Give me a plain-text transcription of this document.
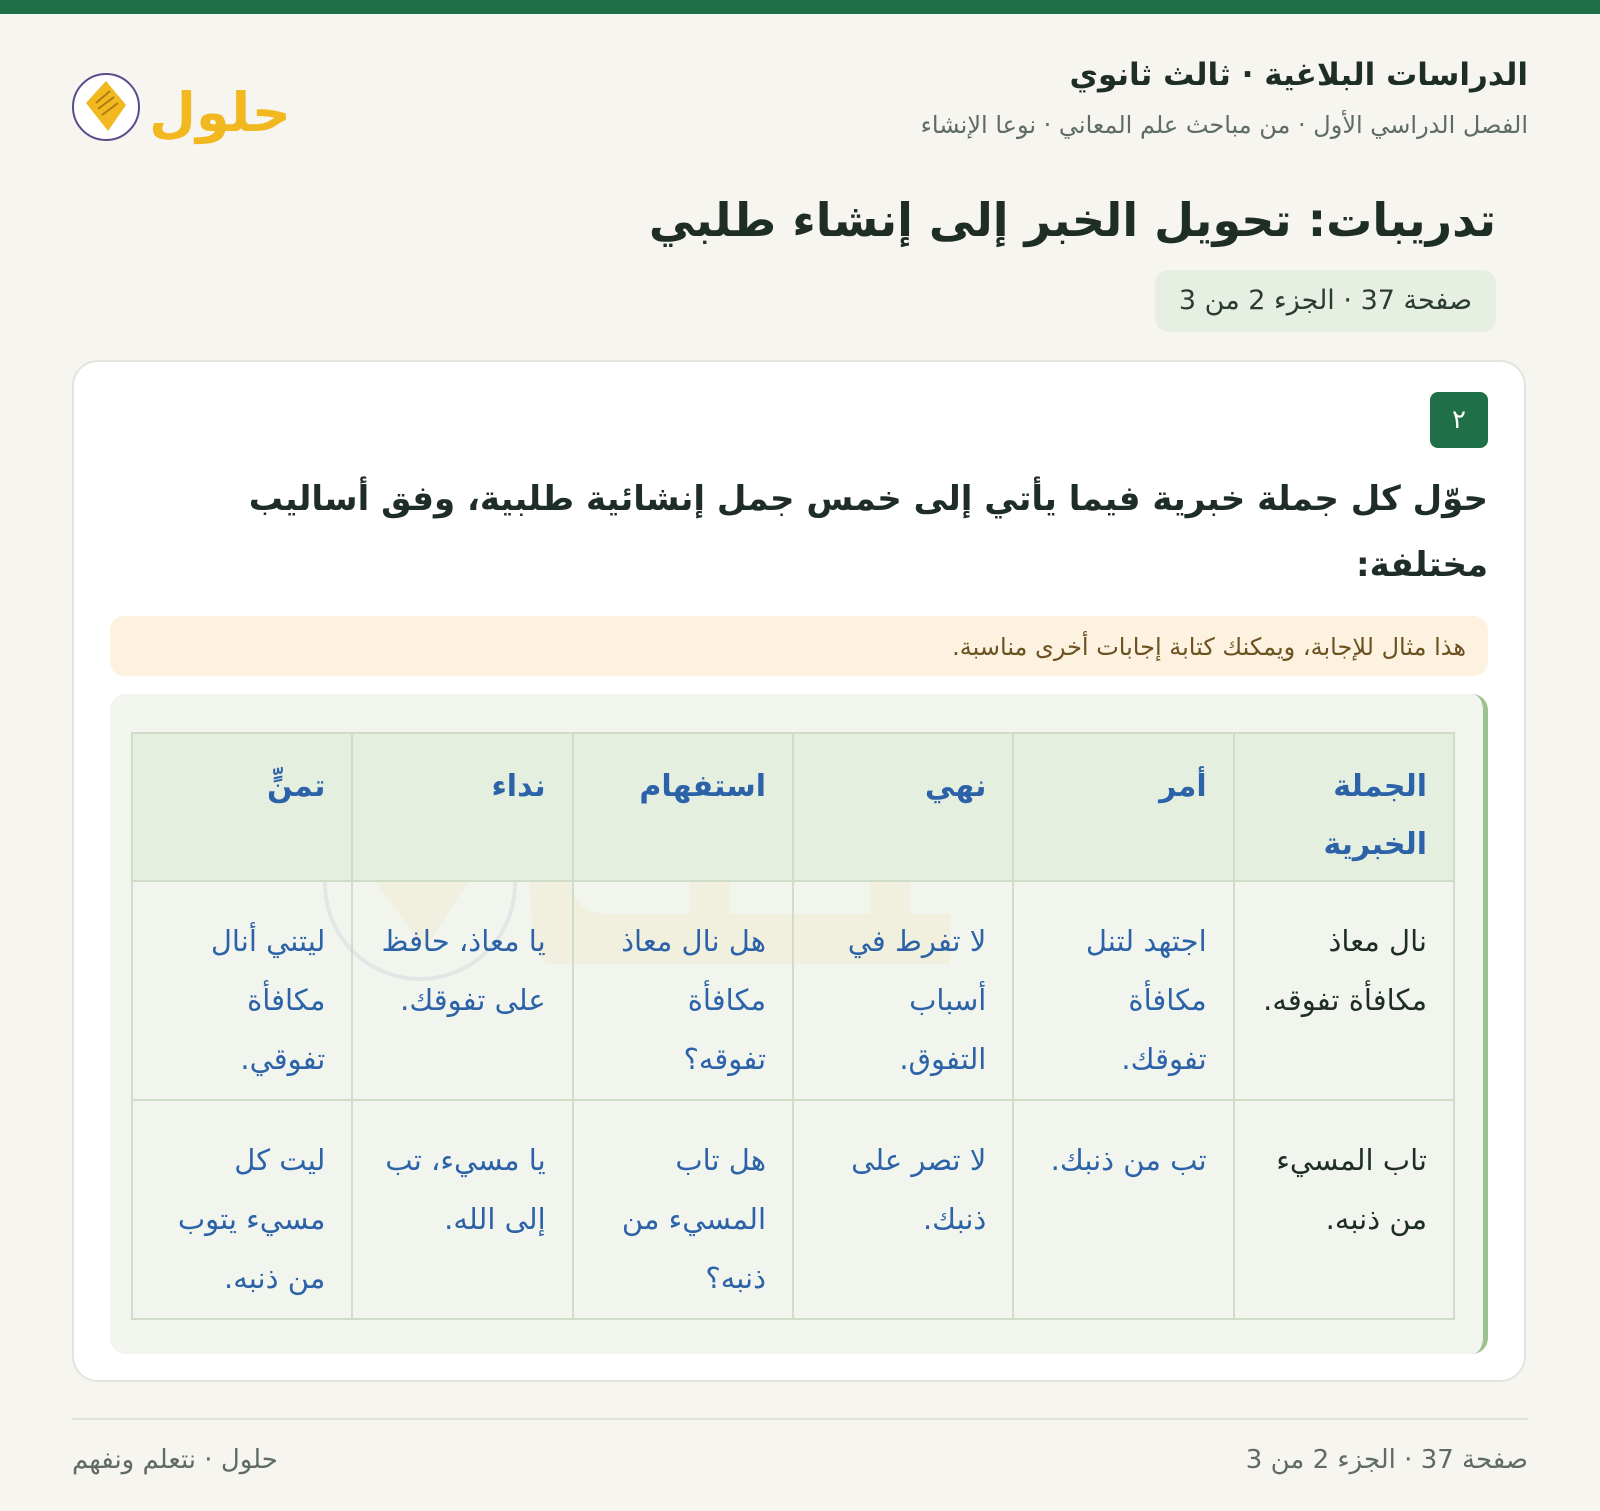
الدراسات البلاغية · ثالث ثانوي
الفصل الدراسي الأول · من مباحث علم المعاني · نوعا الإنشاء
حلول
تدريبات: تحويل الخبر إلى إنشاء طلبي
صفحة 37 · الجزء 2 من 3
٢
حوّل كل جملة خبرية فيما يأتي إلى خمس جمل إنشائية طلبية، وفق أساليب مختلفة:
هذا مثال للإجابة، ويمكنك كتابة إجابات أخرى مناسبة.
الجملة الخبرية	أمر	نهي	استفهام	نداء	تمنٍّ
نال معاذ مكافأة تفوقه.	اجتهد لتنل مكافأة تفوقك.	لا تفرط في أسباب التفوق.	هل نال معاذ مكافأة تفوقه؟	يا معاذ، حافظ على تفوقك.	ليتني أنال مكافأة تفوقي.
تاب المسيء من ذنبه.	تب من ذنبك.	لا تصر على ذنبك.	هل تاب المسيء من ذنبه؟	يا مسيء، تب إلى الله.	ليت كل مسيء يتوب من ذنبه.
صفحة 37 · الجزء 2 من 3
حلول · نتعلم ونفهم
